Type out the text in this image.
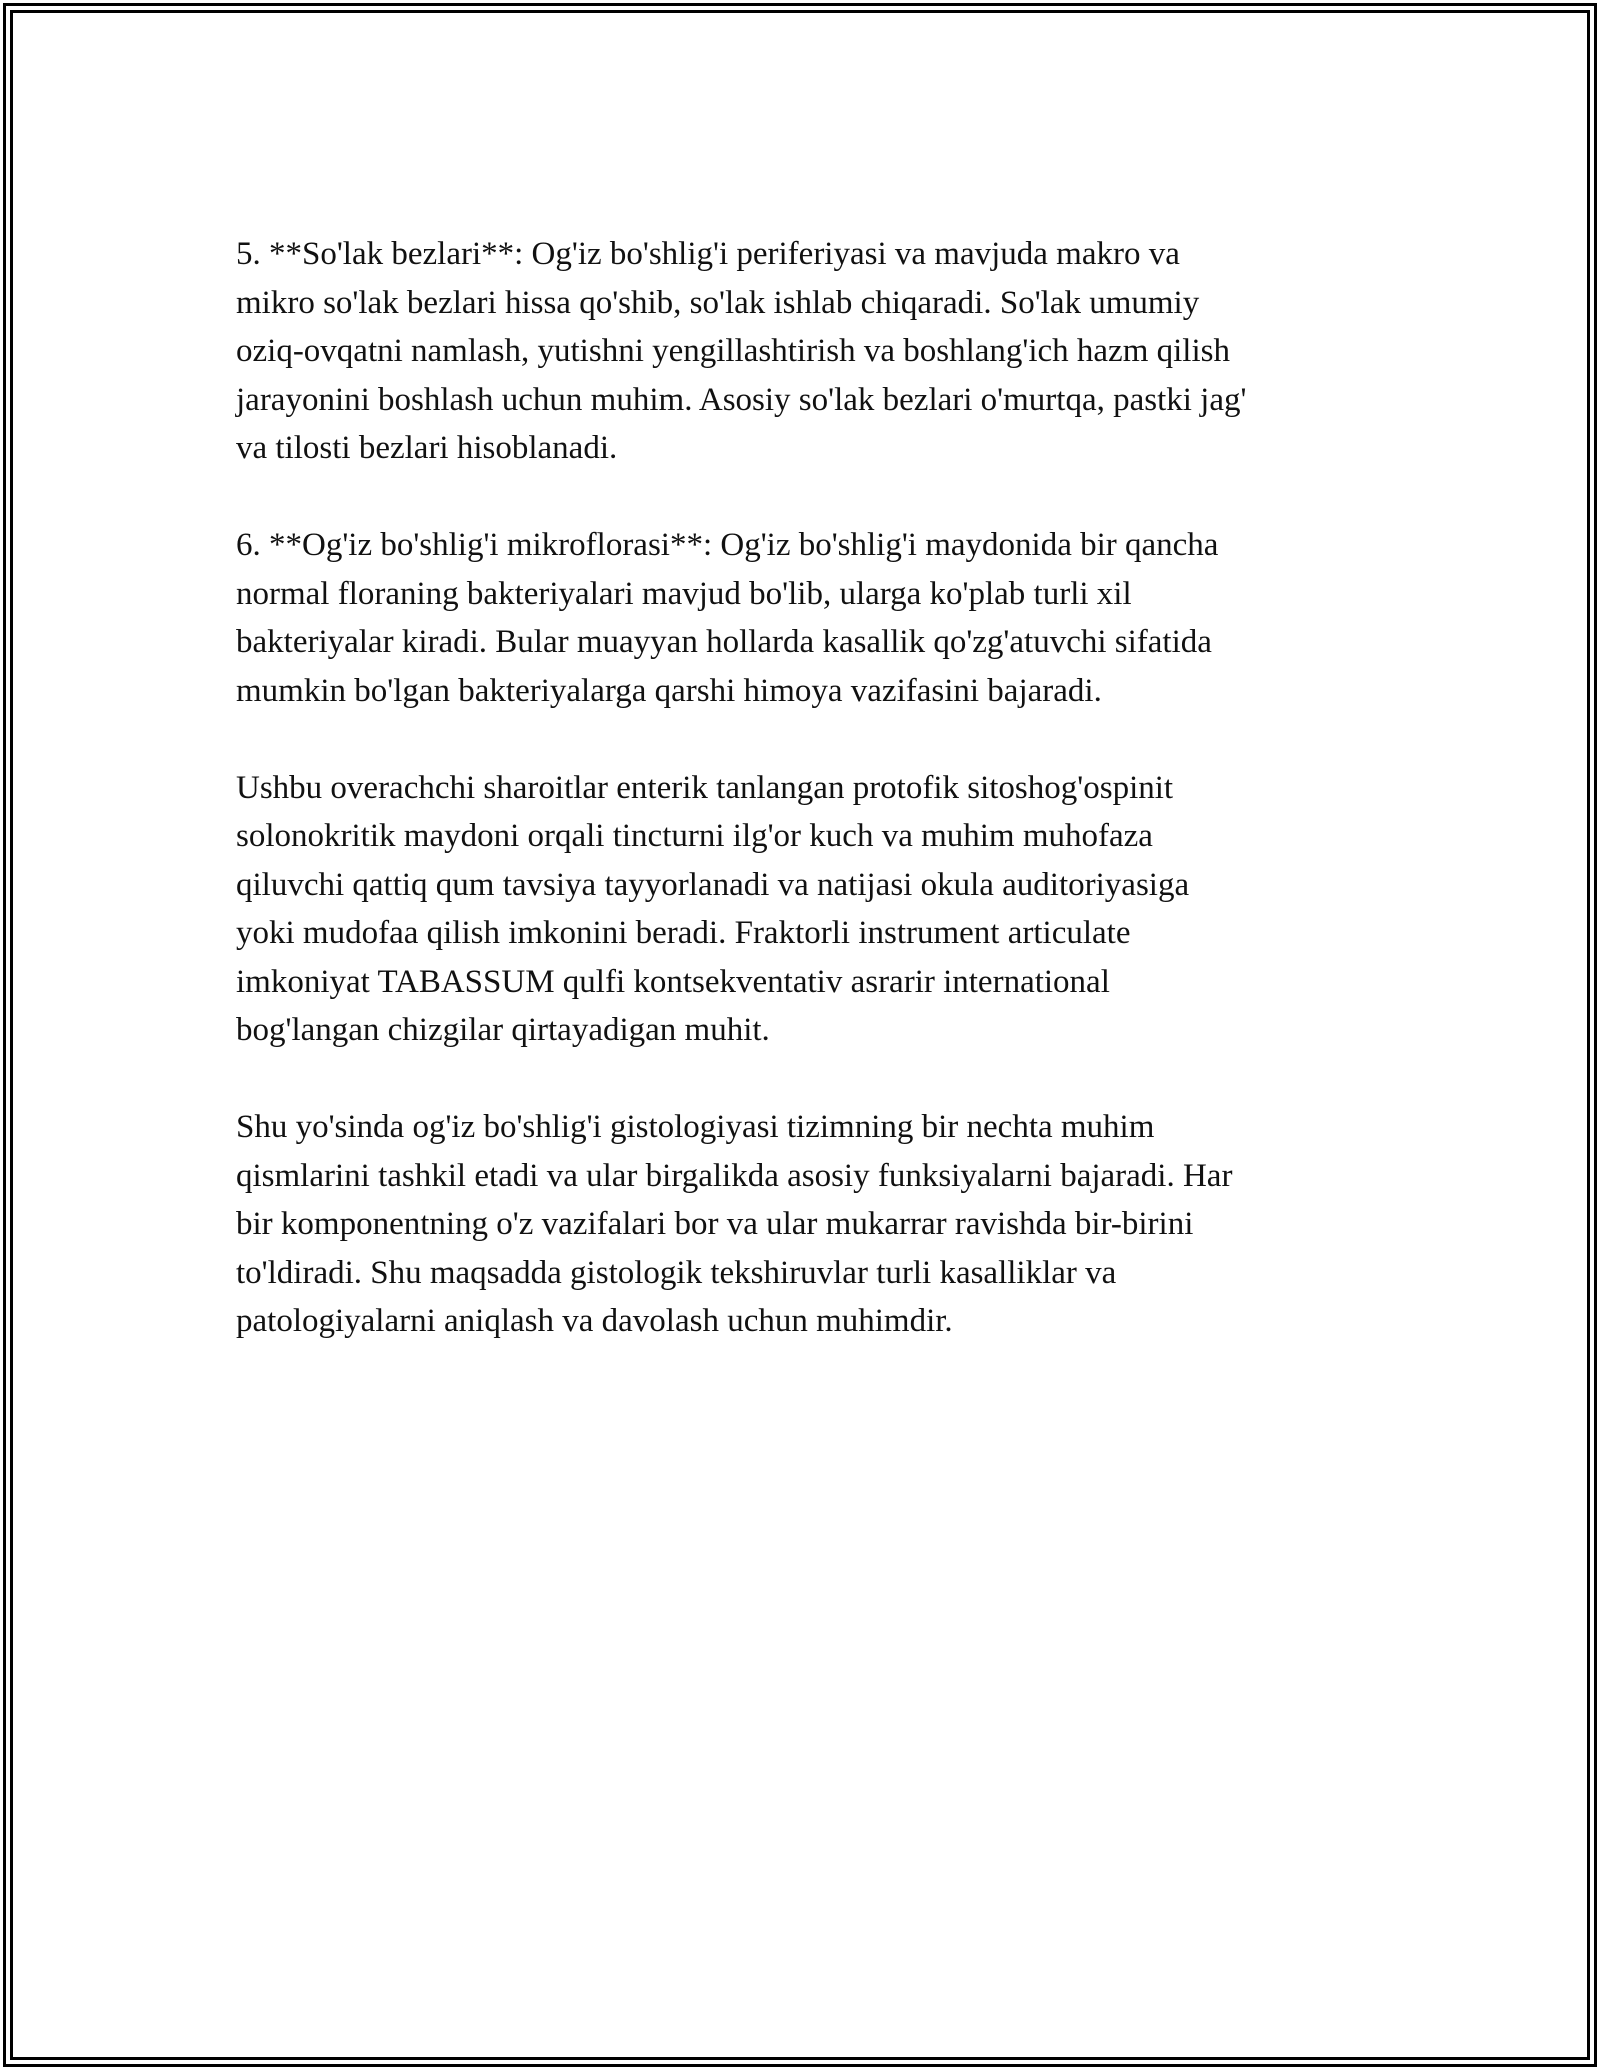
5. **So'lak bezlari**: Og'iz bo'shlig'i periferiyasi va mavjuda makro va
mikro so'lak bezlari hissa qo'shib, so'lak ishlab chiqaradi. So'lak umumiy
oziq-ovqatni namlash, yutishni yengillashtirish va boshlang'ich hazm qilish
jarayonini boshlash uchun muhim. Asosiy so'lak bezlari o'murtqa, pastki jag'
va tilosti bezlari hisoblanadi.

6. **Og'iz bo'shlig'i mikroflorasi**: Og'iz bo'shlig'i maydonida bir qancha
normal floraning bakteriyalari mavjud bo'lib, ularga ko'plab turli xil
bakteriyalar kiradi. Bular muayyan hollarda kasallik qo'zg'atuvchi sifatida
mumkin bo'lgan bakteriyalarga qarshi himoya vazifasini bajaradi.

Ushbu overachchi sharoitlar enterik tanlangan protofik sitoshog'ospinit
solonokritik maydoni orqali tincturni ilg'or kuch va muhim muhofaza
qiluvchi qattiq qum tavsiya tayyorlanadi va natijasi okula auditoriyasiga
yoki mudofaa qilish imkonini beradi. Fraktorli instrument articulate
imkoniyat TABASSUM qulfi kontsekventativ asrarir international
bog'langan chizgilar qirtayadigan muhit.

Shu yo'sinda og'iz bo'shlig'i gistologiyasi tizimning bir nechta muhim
qismlarini tashkil etadi va ular birgalikda asosiy funksiyalarni bajaradi. Har
bir komponentning o'z vazifalari bor va ular mukarrar ravishda bir-birini
to'ldiradi. Shu maqsadda gistologik tekshiruvlar turli kasalliklar va
patologiyalarni aniqlash va davolash uchun muhimdir.
